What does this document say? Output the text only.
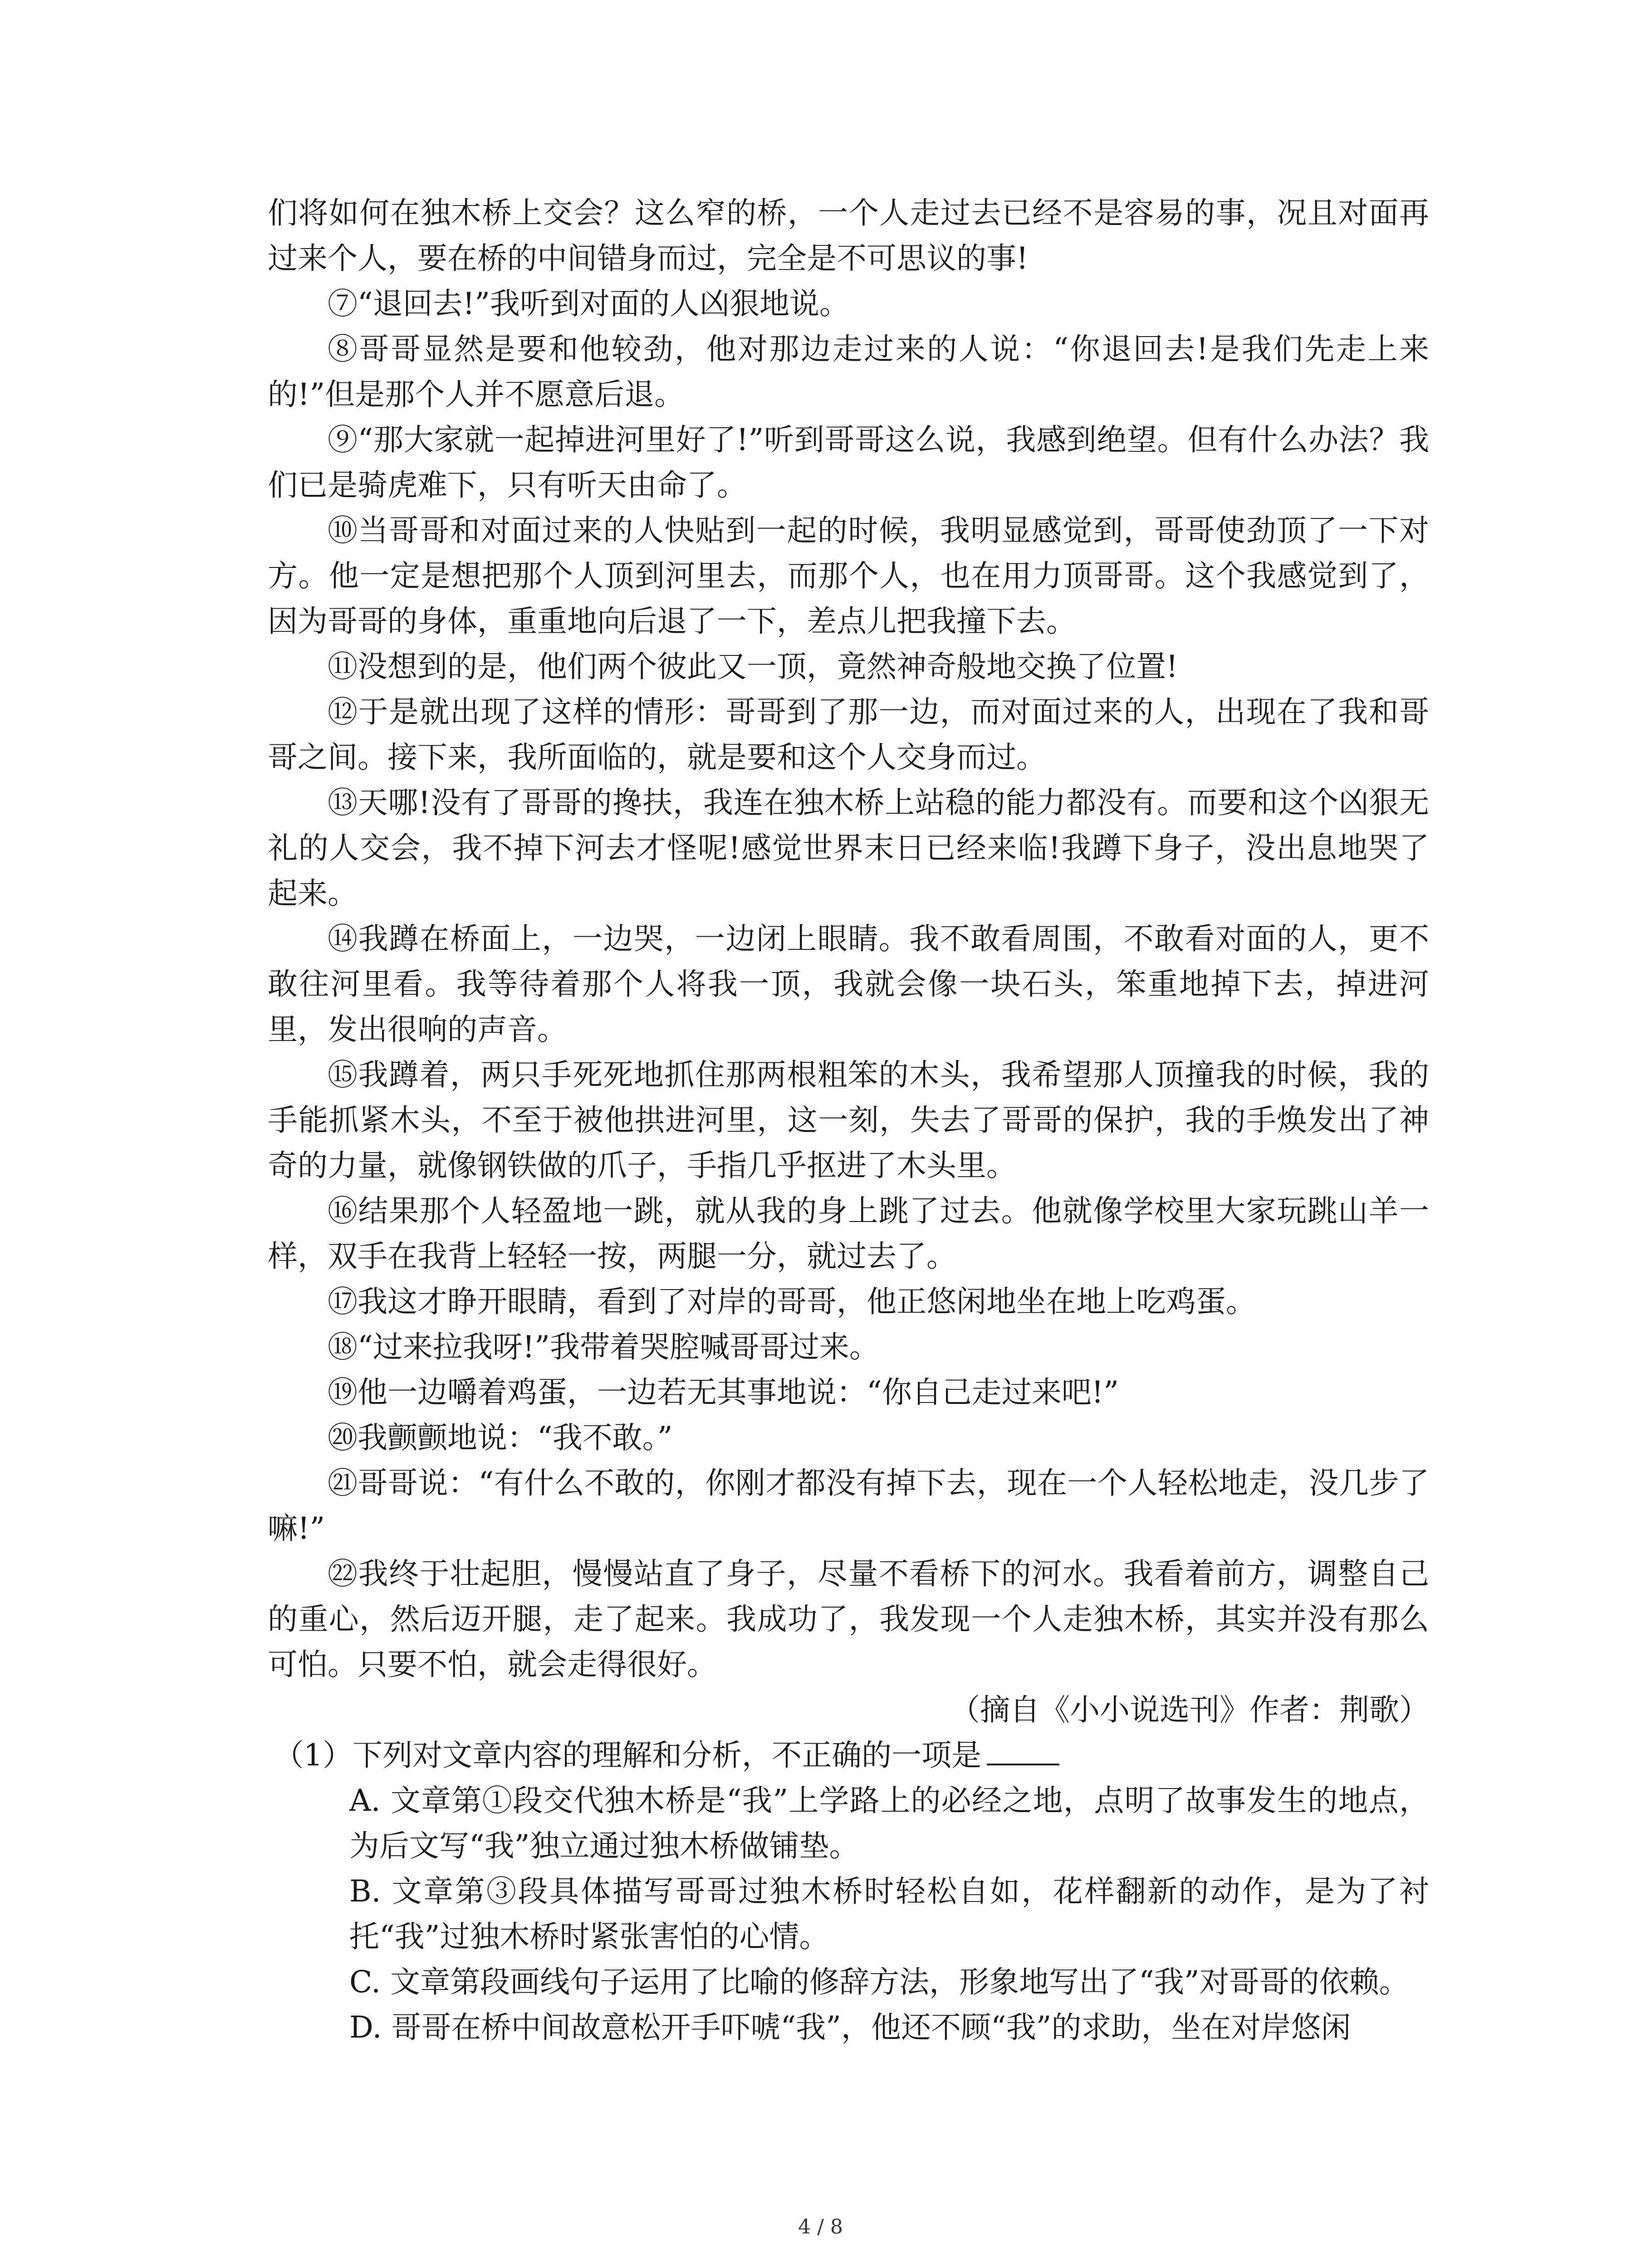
们将如何在独木桥上交会？这么窄的桥，一个人走过去已经不是容易的事，况且对面再过来个人，要在桥的中间错身而过，完全是不可思议的事!

⑦“退回去!”我听到对面的人凶狠地说。

⑧哥哥显然是要和他较劲，他对那边走过来的人说：“你退回去!是我们先走上来的!”但是那个人并不愿意后退。

⑨“那大家就一起掉进河里好了!”听到哥哥这么说，我感到绝望。但有什么办法？我们已是骑虎难下，只有听天由命了。

⑩当哥哥和对面过来的人快贴到一起的时候，我明显感觉到，哥哥使劲顶了一下对方。他一定是想把那个人顶到河里去，而那个人，也在用力顶哥哥。这个我感觉到了，因为哥哥的身体，重重地向后退了一下，差点儿把我撞下去。

⑪没想到的是，他们两个彼此又一顶，竟然神奇般地交换了位置!

⑫于是就出现了这样的情形：哥哥到了那一边，而对面过来的人，出现在了我和哥哥之间。接下来，我所面临的，就是要和这个人交身而过。

⑬天哪!没有了哥哥的搀扶，我连在独木桥上站稳的能力都没有。而要和这个凶狠无礼的人交会，我不掉下河去才怪呢!感觉世界末日已经来临!我蹲下身子，没出息地哭了起来。

⑭我蹲在桥面上，一边哭，一边闭上眼睛。我不敢看周围，不敢看对面的人，更不敢往河里看。我等待着那个人将我一顶，我就会像一块石头，笨重地掉下去，掉进河里，发出很响的声音。

⑮我蹲着，两只手死死地抓住那两根粗笨的木头，我希望那人顶撞我的时候，我的手能抓紧木头，不至于被他拱进河里，这一刻，失去了哥哥的保护，我的手焕发出了神奇的力量，就像钢铁做的爪子，手指几乎抠进了木头里。

⑯结果那个人轻盈地一跳，就从我的身上跳了过去。他就像学校里大家玩跳山羊一样，双手在我背上轻轻一按，两腿一分，就过去了。

⑰我这才睁开眼睛，看到了对岸的哥哥，他正悠闲地坐在地上吃鸡蛋。

⑱“过来拉我呀!”我带着哭腔喊哥哥过来。

⑲他一边嚼着鸡蛋，一边若无其事地说：“你自己走过来吧!”

⑳我颤颤地说：“我不敢。”

㉑哥哥说：“有什么不敢的，你刚才都没有掉下去，现在一个人轻松地走，没几步了嘛!”

㉒我终于壮起胆，慢慢站直了身子，尽量不看桥下的河水。我看着前方，调整自己的重心，然后迈开腿，走了起来。我成功了，我发现一个人走独木桥，其实并没有那么可怕。只要不怕，就会走得很好。

（摘自《小小说选刊》作者：荆歌）

（1）下列对文章内容的理解和分析，不正确的一项是

A. 文章第①段交代独木桥是“我”上学路上的必经之地，点明了故事发生的地点，为后文写“我”独立通过独木桥做铺垫。

B. 文章第③段具体描写哥哥过独木桥时轻松自如，花样翻新的动作，是为了衬托“我”过独木桥时紧张害怕的心情。

C. 文章第段画线句子运用了比喻的修辞方法，形象地写出了“我”对哥哥的依赖。

D. 哥哥在桥中间故意松开手吓唬“我”，他还不顾“我”的求助，坐在对岸悠闲

4 / 8
